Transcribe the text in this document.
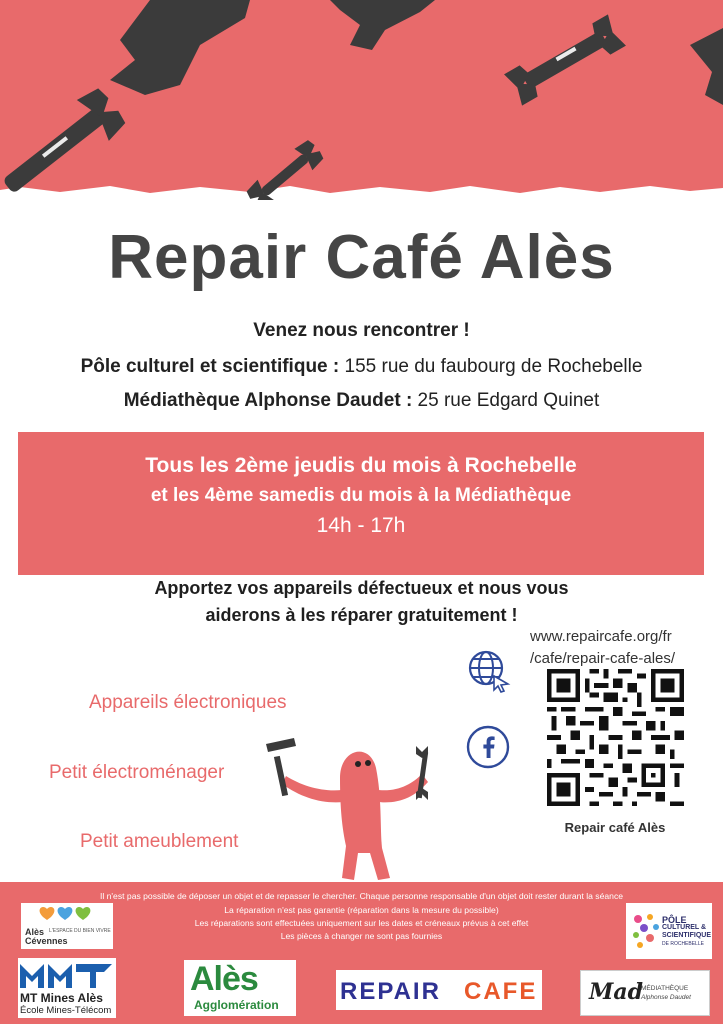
Repair Café Alès
Venez nous rencontrer !
Pôle culturel et scientifique : 155 rue du faubourg de Rochebelle
Médiathèque Alphonse Daudet : 25 rue Edgard Quinet
Tous les 2ème jeudis du mois à Rochebelle
et les 4ème samedis du mois à la Médiathèque
14h - 17h
Apportez vos appareils défectueux et nous vous
aiderons à les réparer gratuitement !
www.repaircafe.org/fr
/cafe/repair-cafe-ales/
Repair café Alès
Appareils électroniques
Petit électroménager
Petit ameublement
Il n'est pas possible de déposer un objet et de repasser le chercher. Chaque personne responsable d'un objet doit rester durant la séance
La réparation n'est pas garantie (réparation dans la mesure du possible)
Les réparations sont effectuées uniquement sur les dates et créneaux prévus à cet effet
Les pièces à changer ne sont pas fournies
Alès
Cévennes
L'ESPACE DU BIEN VIVRE
PÔLE
CULTUREL &
SCIENTIFIQUE
DE ROCHEBELLE
MT Mines Alès
École Mines-Télécom
Alès
Agglomération	REPAIR CAFE Mad
MÉDIATHÈQUE
Alphonse Daudet
